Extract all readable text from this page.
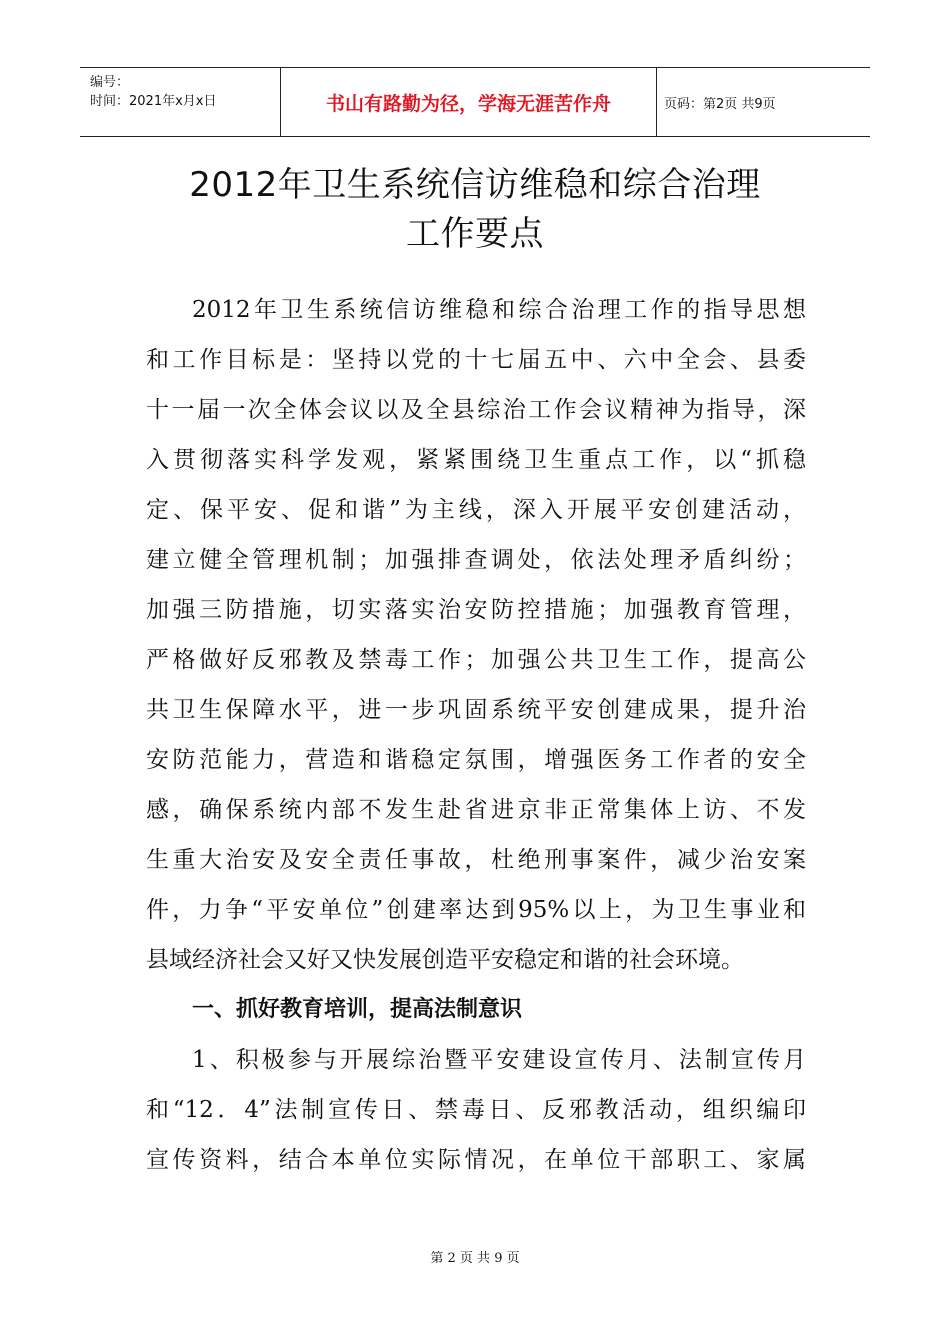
编号：
时间：2021年x月x日	书山有路勤为径，学海无涯苦作舟	页码：第2页 共9页
2012年卫生系统信访维稳和综合治理
工作要点
2012年卫生系统信访维稳和综合治理工作的指导思想
和工作目标是：坚持以党的十七届五中、六中全会、县委
十一届一次全体会议以及全县综治工作会议精神为指导，深
入贯彻落实科学发观，紧紧围绕卫生重点工作，以“抓稳
定、保平安、促和谐”为主线，深入开展平安创建活动，
建立健全管理机制；加强排查调处，依法处理矛盾纠纷；
加强三防措施，切实落实治安防控措施；加强教育管理，
严格做好反邪教及禁毒工作；加强公共卫生工作，提高公
共卫生保障水平，进一步巩固系统平安创建成果，提升治
安防范能力，营造和谐稳定氛围，增强医务工作者的安全
感，确保系统内部不发生赴省进京非正常集体上访、不发
生重大治安及安全责任事故，杜绝刑事案件，减少治安案
件，力争“平安单位”创建率达到95%以上，为卫生事业和
县域经济社会又好又快发展创造平安稳定和谐的社会环境。
一、抓好教育培训，提高法制意识
1、积极参与开展综治暨平安建设宣传月、法制宣传月
和“12．4”法制宣传日、禁毒日、反邪教活动，组织编印
宣传资料，结合本单位实际情况，在单位干部职工、家属
第 2 页 共 9 页
